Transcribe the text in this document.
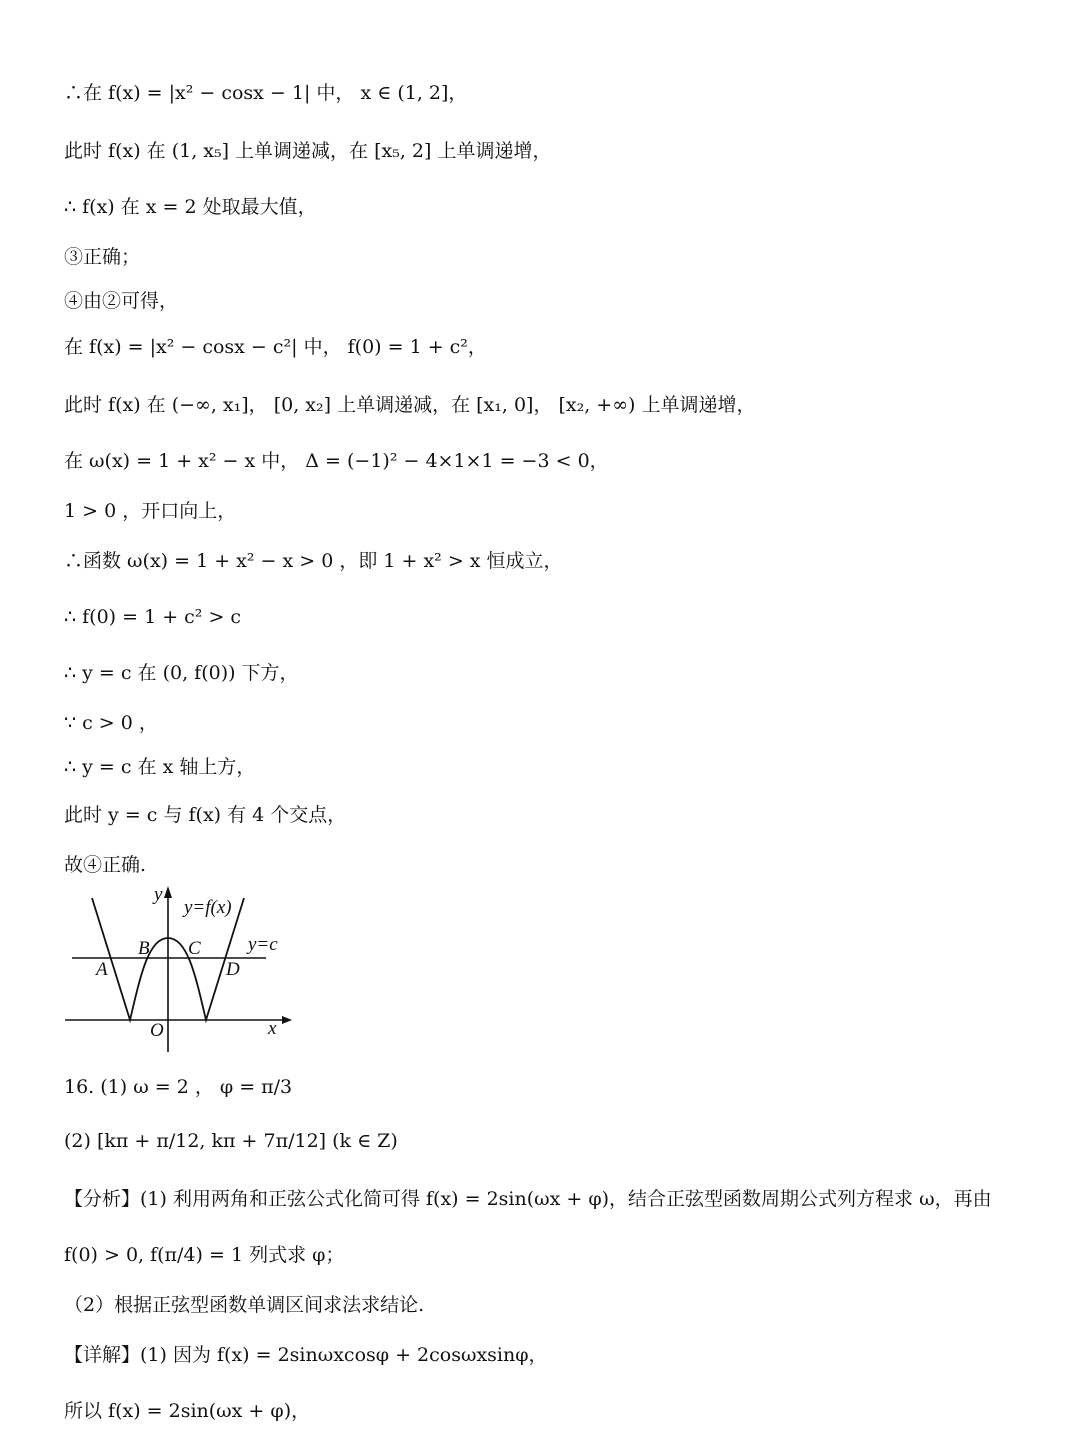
∴在 f(x) = |x² − cosx − 1| 中， x ∈ (1, 2]，
此时 f(x) 在 (1, x₅] 上单调递减，在 [x₅, 2] 上单调递增，
∴ f(x) 在 x = 2 处取最大值，
③正确；
④由②可得，
在 f(x) = |x² − cosx − c²| 中， f(0) = 1 + c²，
此时 f(x) 在 (−∞, x₁]， [0, x₂] 上单调递减，在 [x₁, 0]， [x₂, +∞) 上单调递增，
在 ω(x) = 1 + x² − x 中， Δ = (−1)² − 4×1×1 = −3 < 0，
1 > 0 ，开口向上，
∴函数 ω(x) = 1 + x² − x > 0 ，即 1 + x² > x 恒成立，
∴ f(0) = 1 + c² > c
∴ y = c 在 (0, f(0)) 下方，
∵ c > 0 ，
∴ y = c 在 x 轴上方，
此时 y = c 与 f(x) 有 4 个交点，
故④正确.
y
x
O
y=f(x)
y=c
A
B C
D
16. (1) ω = 2 ， φ = π/3
(2) [kπ + π/12, kπ + 7π/12] (k ∈ Z)
【分析】(1) 利用两角和正弦公式化简可得 f(x) = 2sin(ωx + φ)，结合正弦型函数周期公式列方程求 ω，再由
f(0) > 0, f(π/4) = 1 列式求 φ；
（2）根据正弦型函数单调区间求法求结论.
【详解】(1) 因为 f(x) = 2sinωxcosφ + 2cosωxsinφ，
所以 f(x) = 2sin(ωx + φ)，
